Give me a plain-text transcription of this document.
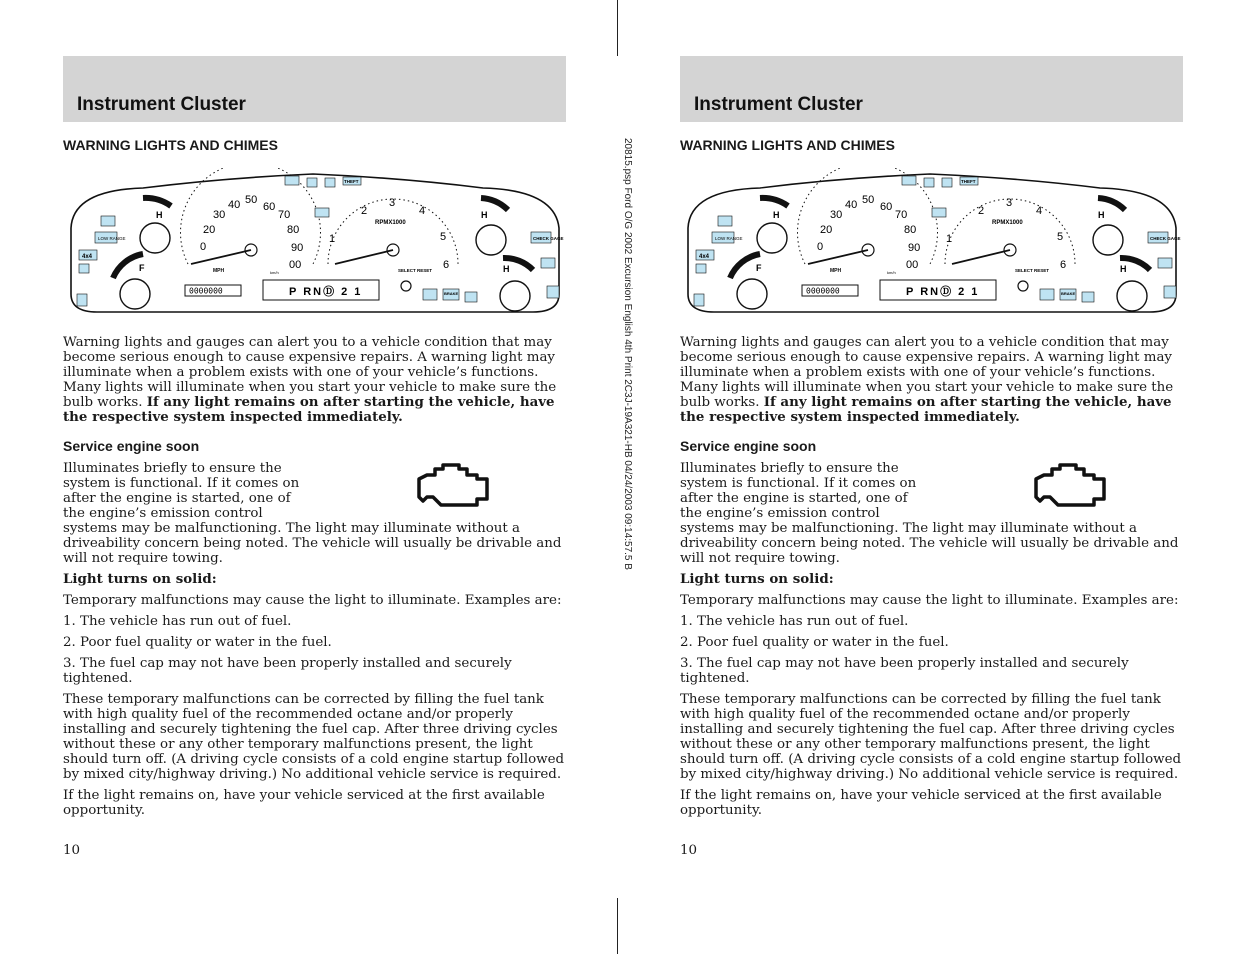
Instrument Cluster
WARNING LIGHTS AND CHIMES
F
H
LOW RANGE
4x4
30
20
0
40 50
60
70
80
90
00
MPH	km/h
1
2
3
4
5
6
RPMX1000
THEFT
H
H
CHECK GAGE
0000000	P RNⒹ 2 1
SELECT RESET
BRAKE

Warning lights and gauges can alert you to a vehicle condition that may become serious enough to cause expensive repairs. A warning light may illuminate when a problem exists with one of your vehicle’s functions. Many lights will illuminate when you start your vehicle to make sure the bulb works. If any light remains on after starting the vehicle, have the respective system inspected immediately.

Service engine soon
Illuminates briefly to ensure the system is functional. If it comes on after the engine is started, one of the engine’s emission control

systems may be malfunctioning. The light may illuminate without a driveability concern being noted. The vehicle will usually be drivable and will not require towing.

Light turns on solid:

Temporary malfunctions may cause the light to illuminate. Examples are:

1. The vehicle has run out of fuel.

2. Poor fuel quality or water in the fuel.

3. The fuel cap may not have been properly installed and securely tightened.

These temporary malfunctions can be corrected by filling the fuel tank with high quality fuel of the recommended octane and/or properly installing and securely tightening the fuel cap. After three driving cycles without these or any other temporary malfunctions present, the light should turn off. (A driving cycle consists of a cold engine startup followed by mixed city/highway driving.) No additional vehicle service is required.

If the light remains on, have your vehicle serviced at the first available opportunity.

10
20815.psp Ford O/G 2002 Excursion English 4th Print 2C3J-19A321-HB 04/24/2003 09:14:57.5 B
Instrument Cluster
WARNING LIGHTS AND CHIMES
F
H
LOW RANGE
4x4
30
20
0
40 50
60
70
80
90
00
MPH	km/h
1
2
3
4
5
6
RPMX1000
THEFT
H
H
CHECK GAGE
0000000	P RNⒹ 2 1
SELECT RESET
BRAKE

Warning lights and gauges can alert you to a vehicle condition that may become serious enough to cause expensive repairs. A warning light may illuminate when a problem exists with one of your vehicle’s functions. Many lights will illuminate when you start your vehicle to make sure the bulb works. If any light remains on after starting the vehicle, have the respective system inspected immediately.

Service engine soon
Illuminates briefly to ensure the system is functional. If it comes on after the engine is started, one of the engine’s emission control

systems may be malfunctioning. The light may illuminate without a driveability concern being noted. The vehicle will usually be drivable and will not require towing.

Light turns on solid:

Temporary malfunctions may cause the light to illuminate. Examples are:

1. The vehicle has run out of fuel.

2. Poor fuel quality or water in the fuel.

3. The fuel cap may not have been properly installed and securely tightened.

These temporary malfunctions can be corrected by filling the fuel tank with high quality fuel of the recommended octane and/or properly installing and securely tightening the fuel cap. After three driving cycles without these or any other temporary malfunctions present, the light should turn off. (A driving cycle consists of a cold engine startup followed by mixed city/highway driving.) No additional vehicle service is required.

If the light remains on, have your vehicle serviced at the first available opportunity.

10
